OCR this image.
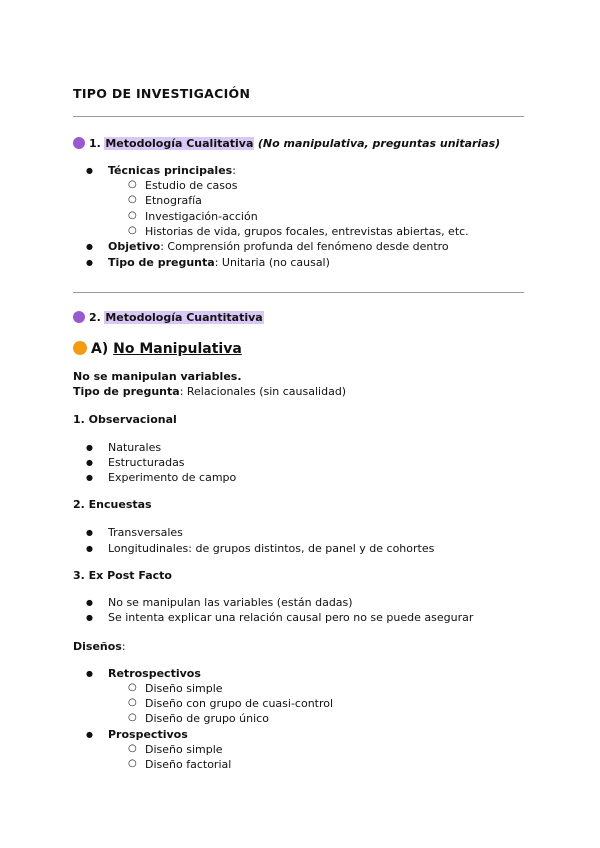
TIPO DE INVESTIGACIÓN
1. Metodología Cualitativa (No manipulativa, preguntas unitarias)
● Técnicas principales:
○ Estudio de casos
○ Etnografía
○ Investigación-acción
○ Historias de vida, grupos focales, entrevistas abiertas, etc.
● Objetivo: Comprensión profunda del fenómeno desde dentro
● Tipo de pregunta: Unitaria (no causal)
2. Metodología Cuantitativa
A) No Manipulativa
No se manipulan variables.
Tipo de pregunta: Relacionales (sin causalidad)
1. Observacional
● Naturales
● Estructuradas
● Experimento de campo
2. Encuestas
● Transversales
● Longitudinales: de grupos distintos, de panel y de cohortes
3. Ex Post Facto
● No se manipulan las variables (están dadas)
● Se intenta explicar una relación causal pero no se puede asegurar
Diseños:
● Retrospectivos
○ Diseño simple
○ Diseño con grupo de cuasi-control
○ Diseño de grupo único
● Prospectivos
○ Diseño simple
○ Diseño factorial
